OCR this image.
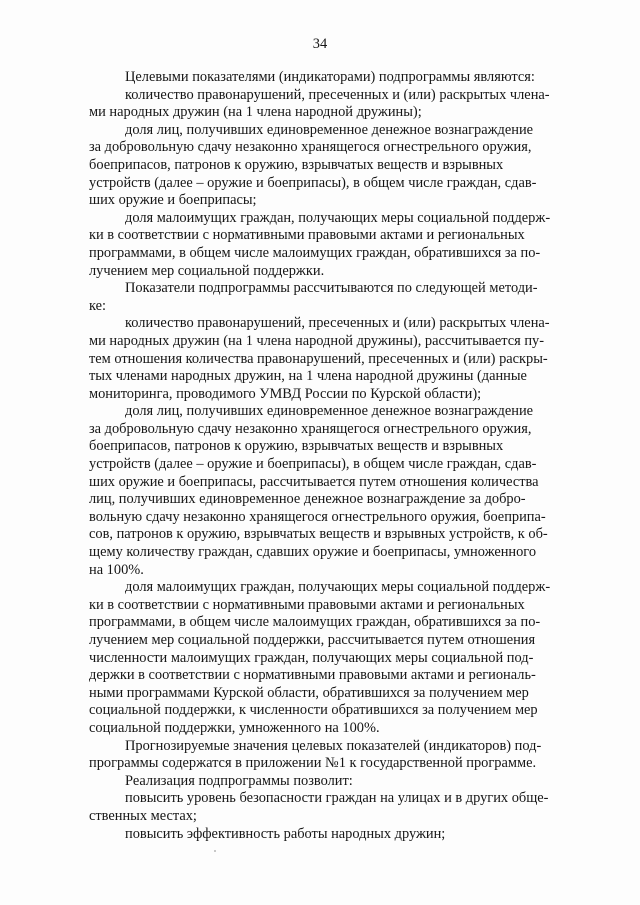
34

Целевыми показателями (индикаторами) подпрограммы являются:

количество правонарушений, пресеченных и (или) раскрытых члена-
ми народных дружин (на 1 члена народной дружины);

доля лиц, получивших единовременное денежное вознаграждение
за добровольную сдачу незаконно хранящегося огнестрельного оружия,
боеприпасов, патронов к оружию, взрывчатых веществ и взрывных
устройств (далее – оружие и боеприпасы), в общем числе граждан, сдав-
ших оружие и боеприпасы;

доля малоимущих граждан, получающих меры социальной поддерж-
ки в соответствии с нормативными правовыми актами и региональных
программами, в общем числе малоимущих граждан, обратившихся за по-
лучением мер социальной поддержки.

Показатели подпрограммы рассчитываются по следующей методи-
ке:

количество правонарушений, пресеченных и (или) раскрытых члена-
ми народных дружин (на 1 члена народной дружины), рассчитывается пу-
тем отношения количества правонарушений, пресеченных и (или) раскры-
тых членами народных дружин, на 1 члена народной дружины (данные
мониторинга, проводимого УМВД России по Курской области);

доля лиц, получивших единовременное денежное вознаграждение
за добровольную сдачу незаконно хранящегося огнестрельного оружия,
боеприпасов, патронов к оружию, взрывчатых веществ и взрывных
устройств (далее – оружие и боеприпасы), в общем числе граждан, сдав-
ших оружие и боеприпасы, рассчитывается путем отношения количества
лиц, получивших единовременное денежное вознаграждение за добро-
вольную сдачу незаконно хранящегося огнестрельного оружия, боеприпа-
сов, патронов к оружию, взрывчатых веществ и взрывных устройств, к об-
щему количеству граждан, сдавших оружие и боеприпасы, умноженного
на 100%.

доля малоимущих граждан, получающих меры социальной поддерж-
ки в соответствии с нормативными правовыми актами и региональных
программами, в общем числе малоимущих граждан, обратившихся за по-
лучением мер социальной поддержки, рассчитывается путем отношения
численности малоимущих граждан, получающих меры социальной под-
держки в соответствии с нормативными правовыми актами и региональ-
ными программами Курской области, обратившихся за получением мер
социальной поддержки, к численности обратившихся за получением мер
социальной поддержки, умноженного на 100%.

Прогнозируемые значения целевых показателей (индикаторов) под-
программы содержатся в приложении №1 к государственной программе.

Реализация подпрограммы позволит:

повысить уровень безопасности граждан на улицах и в других обще-
ственных местах;

повысить эффективность работы народных дружин;
